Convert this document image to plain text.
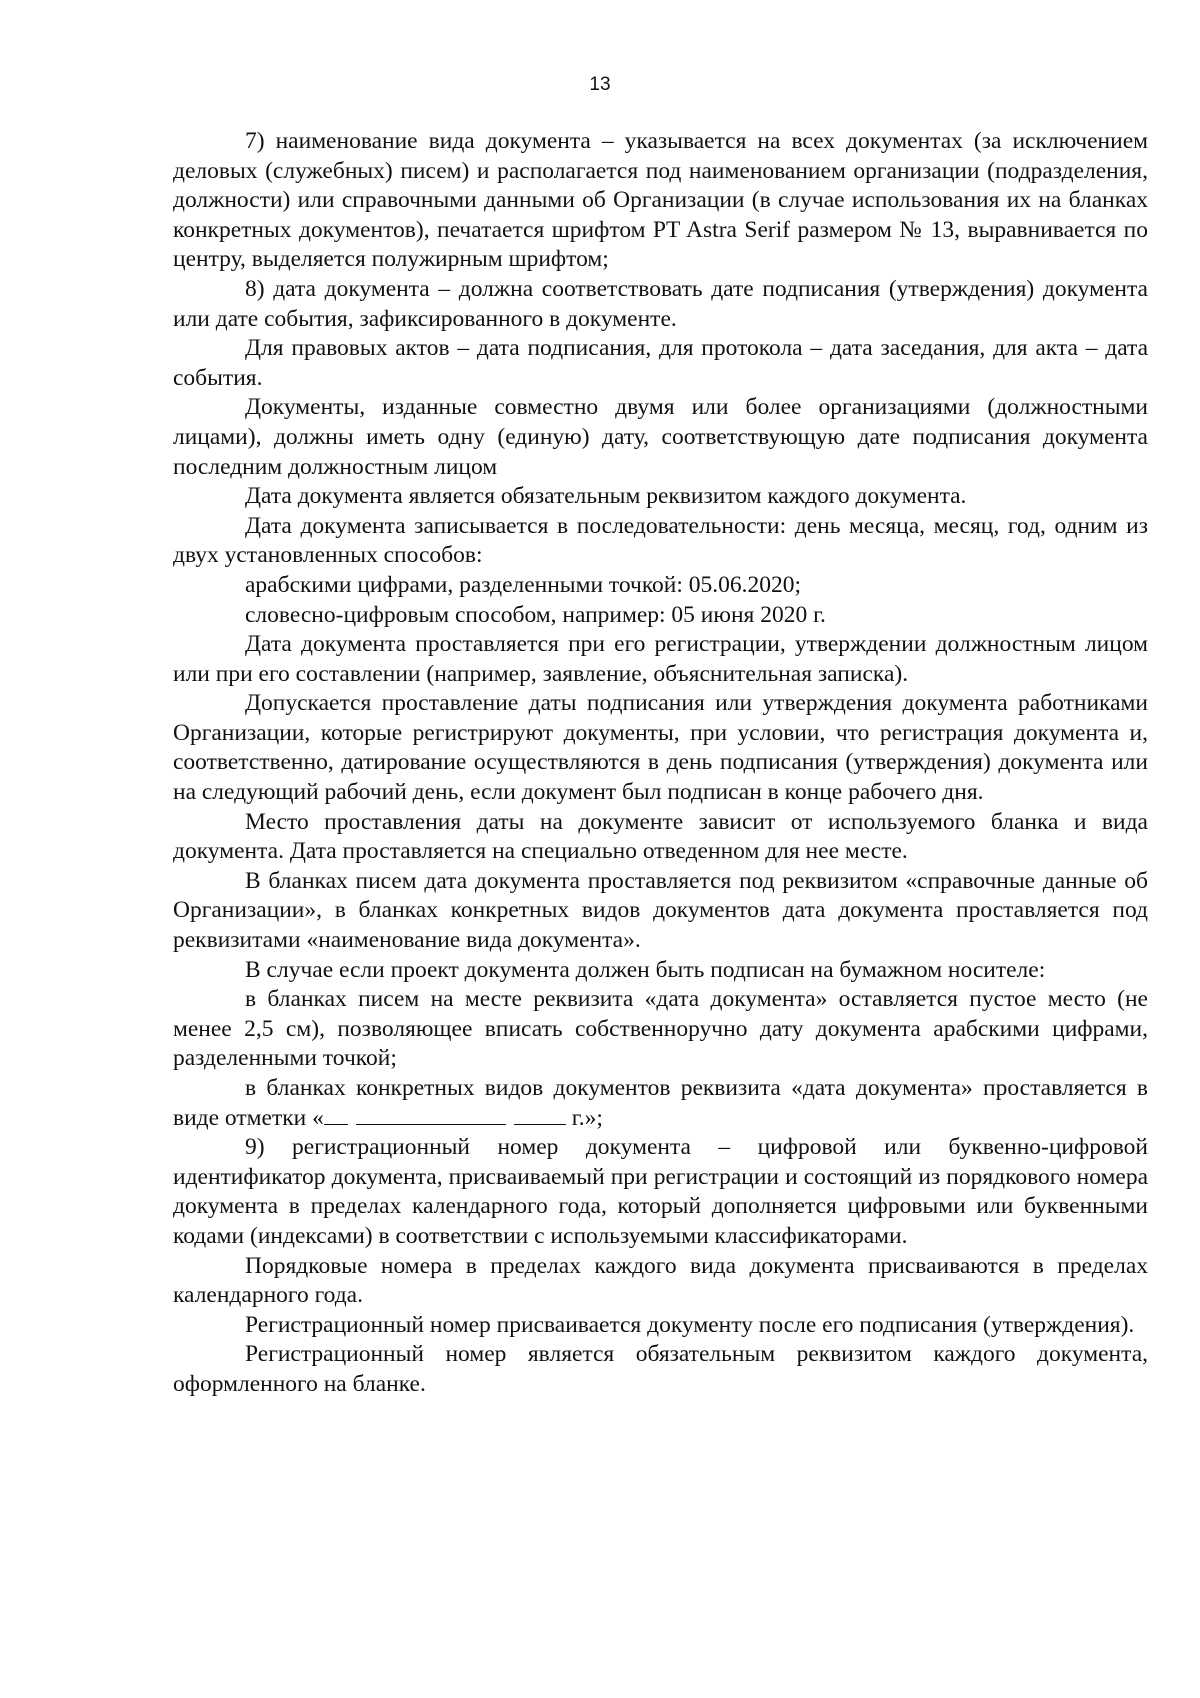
13

7) наименование вида документа – указывается на всех документах (за исключением деловых (служебных) писем) и располагается под наименованием организации (подразделения, должности) или справочными данными об Организации (в случае использования их на бланках конкретных документов), печатается шрифтом PT Astra Serif размером № 13, выравнивается по центру, выделяется полужирным шрифтом;

8) дата документа – должна соответствовать дате подписания (утверждения) документа или дате события, зафиксированного в документе.

Для правовых актов – дата подписания, для протокола – дата заседания, для акта – дата события.

Документы, изданные совместно двумя или более организациями (должностными лицами), должны иметь одну (единую) дату, соответствующую дате подписания документа последним должностным лицом

Дата документа является обязательным реквизитом каждого документа.

Дата документа записывается в последовательности: день месяца, месяц, год, одним из двух установленных способов:

арабскими цифрами, разделенными точкой: 05.06.2020;

словесно-цифровым способом, например: 05 июня 2020 г.

Дата документа проставляется при его регистрации, утверждении должностным лицом или при его составлении (например, заявление, объяснительная записка).

Допускается проставление даты подписания или утверждения документа работниками Организации, которые регистрируют документы, при условии, что регистрация документа и, соответственно, датирование осуществляются в день подписания (утверждения) документа или на следующий рабочий день, если документ был подписан в конце рабочего дня.

Место проставления даты на документе зависит от используемого бланка и вида документа. Дата проставляется на специально отведенном для нее месте.

В бланках писем дата документа проставляется под реквизитом «справочные данные об Организации», в бланках конкретных видов документов дата документа проставляется под реквизитами «наименование вида документа».

В случае если проект документа должен быть подписан на бумажном носителе:

в бланках писем на месте реквизита «дата документа» оставляется пустое место (не менее 2,5 см), позволяющее вписать собственноручно дату документа арабскими цифрами, разделенными точкой;

в бланках конкретных видов документов реквизита «дата документа» проставляется в виде отметки «	г.»;

9) регистрационный номер документа – цифровой или буквенно-цифровой идентификатор документа, присваиваемый при регистрации и состоящий из порядкового номера документа в пределах календарного года, который дополняется цифровыми или буквенными кодами (индексами) в соответствии с используемыми классификаторами.

Порядковые номера в пределах каждого вида документа присваиваются в пределах календарного года.

Регистрационный номер присваивается документу после его подписания (утверждения).

Регистрационный номер является обязательным реквизитом каждого документа, оформленного на бланке.
